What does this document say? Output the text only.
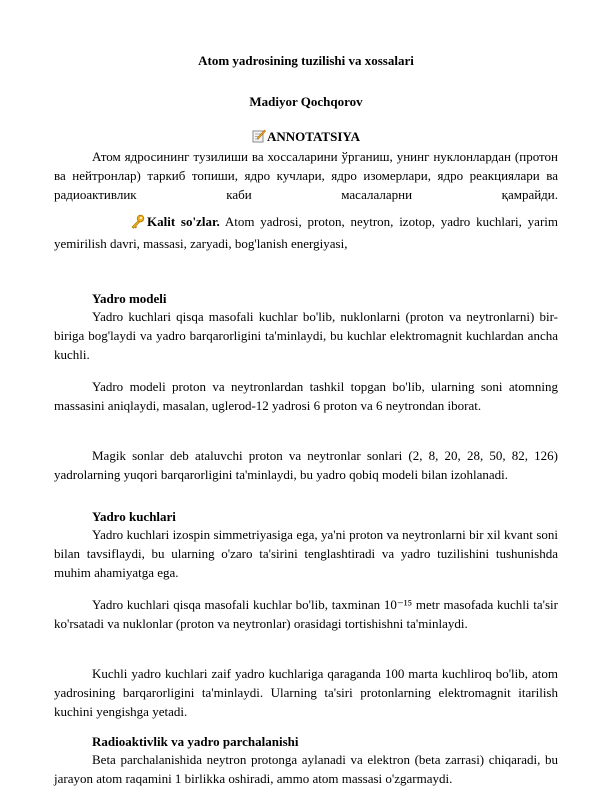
Atom yadrosining tuzilishi va xossalari
Madiyor Qochqorov
ANNOTATSIYA

Атом ядросининг тузилиши ва хоссаларини ўрганиш, унинг нуклонлардан (протон ва нейтронлар) таркиб топиши, ядро кучлари, ядро изомерлари, ядро реакциялари ва радиоактивлик каби масалаларни қамрайди.

Kalit so'zlar. Atom yadrosi, proton, neytron, izotop, yadro kuchlari, yarim yemirilish davri, massasi, zaryadi, bog'lanish energiyasi,

Yadro modeli

Yadro kuchlari qisqa masofali kuchlar bo'lib, nuklonlarni (proton va neytronlarni) bir-biriga bog'laydi va yadro barqarorligini ta'minlaydi, bu kuchlar elektromagnit kuchlardan ancha kuchli.

Yadro modeli proton va neytronlardan tashkil topgan bo'lib, ularning soni atomning massasini aniqlaydi, masalan, uglerod-12 yadrosi 6 proton va 6 neytrondan iborat.

Magik sonlar deb ataluvchi proton va neytronlar sonlari (2, 8, 20, 28, 50, 82, 126) yadrolarning yuqori barqarorligini ta'minlaydi, bu yadro qobiq modeli bilan izohlanadi.

Yadro kuchlari

Yadro kuchlari izospin simmetriyasiga ega, ya'ni proton va neytronlarni bir xil kvant soni bilan tavsiflaydi, bu ularning o'zaro ta'sirini tenglashtiradi va yadro tuzilishini tushunishda muhim ahamiyatga ega.

Yadro kuchlari qisqa masofali kuchlar bo'lib, taxminan 10⁻¹⁵ metr masofada kuchli ta'sir ko'rsatadi va nuklonlar (proton va neytronlar) orasidagi tortishishni ta'minlaydi.

Kuchli yadro kuchlari zaif yadro kuchlariga qaraganda 100 marta kuchliroq bo'lib, atom yadrosining barqarorligini ta'minlaydi. Ularning ta'siri protonlarning elektromagnit itarilish kuchini yengishga yetadi.

Radioaktivlik va yadro parchalanishi

Beta parchalanishida neytron protonga aylanadi va elektron (beta zarrasi) chiqaradi, bu jarayon atom raqamini 1 birlikka oshiradi, ammo atom massasi o'zgarmaydi.
